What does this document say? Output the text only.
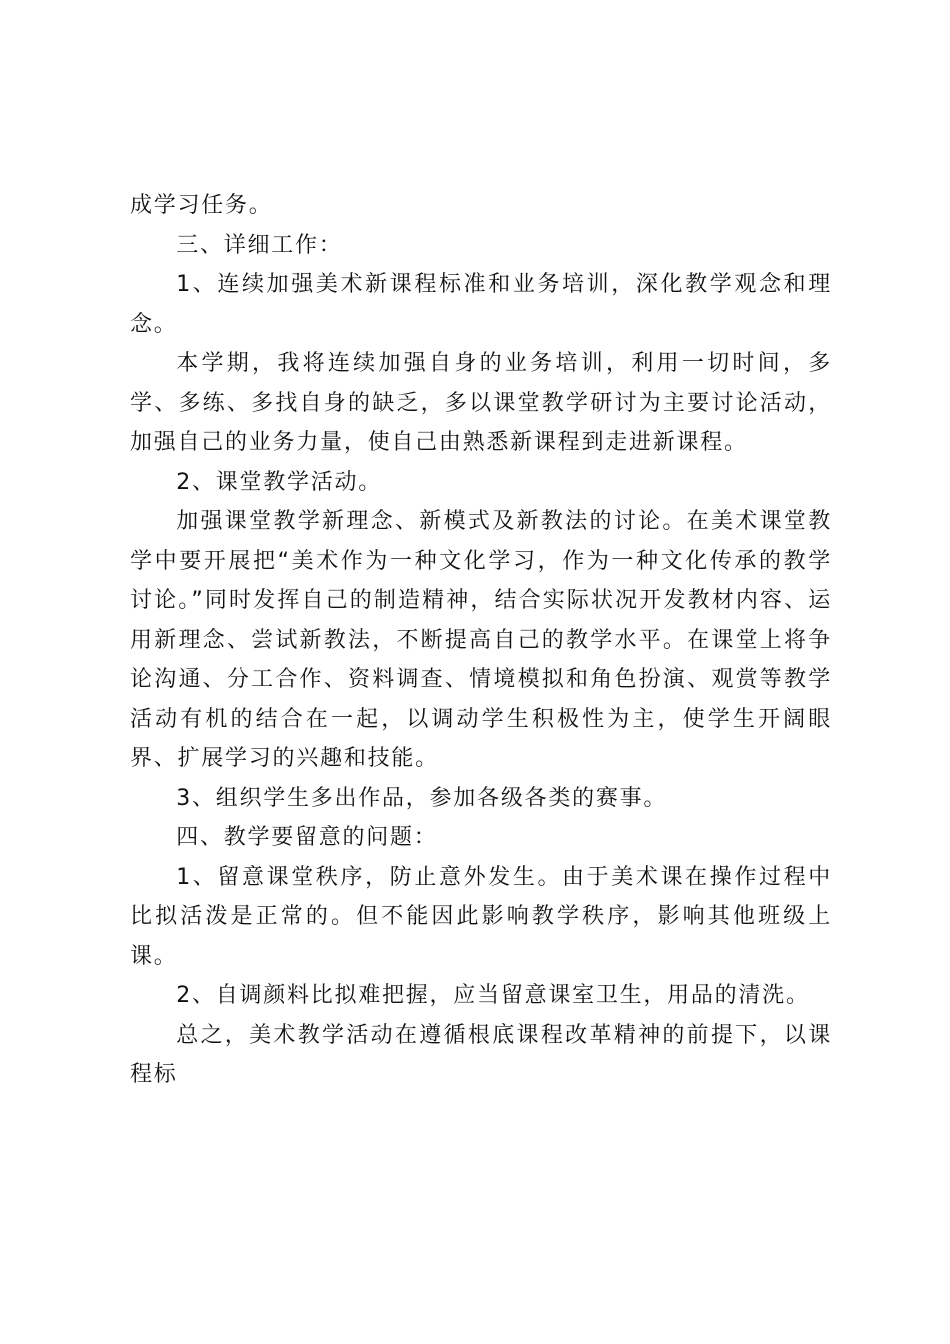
成学习任务。

三、详细工作：

1、连续加强美术新课程标准和业务培训，深化教学观念和理念。

本学期，我将连续加强自身的业务培训，利用一切时间，多学、多练、多找自身的缺乏，多以课堂教学研讨为主要讨论活动，加强自己的业务力量，使自己由熟悉新课程到走进新课程。

2、课堂教学活动。

加强课堂教学新理念、新模式及新教法的讨论。在美术课堂教学中要开展把“美术作为一种文化学习，作为一种文化传承的教学讨论。”同时发挥自己的制造精神，结合实际状况开发教材内容、运用新理念、尝试新教法，不断提高自己的教学水平。在课堂上将争论沟通、分工合作、资料调查、情境模拟和角色扮演、观赏等教学活动有机的结合在一起，以调动学生积极性为主，使学生开阔眼界、扩展学习的兴趣和技能。

3、组织学生多出作品，参加各级各类的赛事。

四、教学要留意的问题：

1、留意课堂秩序，防止意外发生。由于美术课在操作过程中比拟活泼是正常的。但不能因此影响教学秩序，影响其他班级上课。

2、自调颜料比拟难把握，应当留意课室卫生，用品的清洗。

总之，美术教学活动在遵循根底课程改革精神的前提下，以课程标
